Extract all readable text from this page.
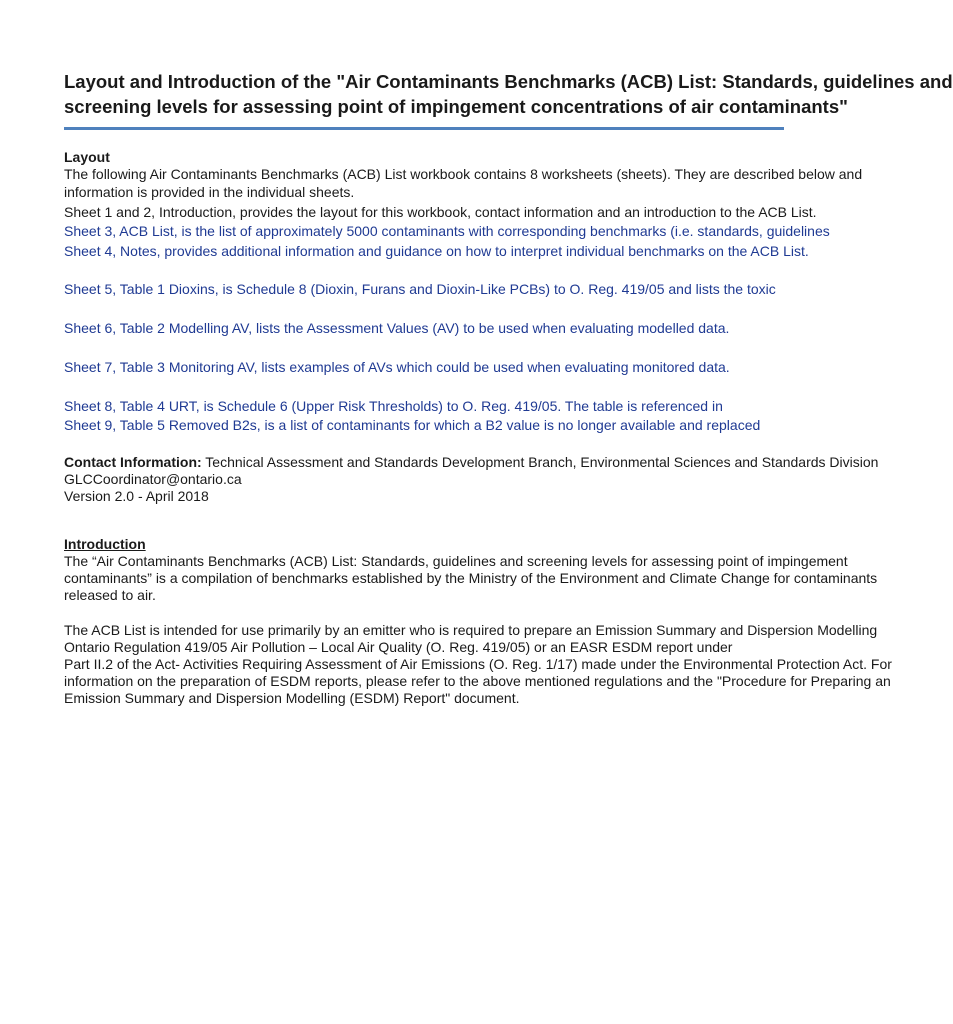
Layout and Introduction of the "Air Contaminants Benchmarks (ACB) List: Standards, guidelines and
screening levels for assessing point of impingement concentrations of air contaminants"
Layout
The following Air Contaminants Benchmarks (ACB) List workbook contains 8 worksheets (sheets). They are described below and
information is provided in the individual sheets.
Sheet 1 and 2, Introduction, provides the layout for this workbook, contact information and an introduction to the ACB List.
Sheet 3, ACB List, is the list of approximately 5000 contaminants with corresponding benchmarks (i.e. standards, guidelines
Sheet 4, Notes, provides additional information and guidance on how to interpret individual benchmarks on the ACB List.
Sheet 5, Table 1 Dioxins, is Schedule 8 (Dioxin, Furans and Dioxin-Like PCBs) to O. Reg. 419/05 and lists the toxic
Sheet 6, Table 2 Modelling AV, lists the Assessment Values (AV) to be used when evaluating modelled data.
Sheet 7, Table 3 Monitoring AV, lists examples of AVs which could be used when evaluating monitored data.
Sheet 8, Table 4 URT, is Schedule 6 (Upper Risk Thresholds) to O. Reg. 419/05. The table is referenced in
Sheet 9, Table 5 Removed B2s, is a list of contaminants for which a B2 value is no longer available and replaced
Contact Information: Technical Assessment and Standards Development Branch, Environmental Sciences and Standards Division
GLCCoordinator@ontario.ca
Version 2.0 - April 2018
Introduction
The “Air Contaminants Benchmarks (ACB) List: Standards, guidelines and screening levels for assessing point of impingement
contaminants” is a compilation of benchmarks established by the Ministry of the Environment and Climate Change for contaminants
released to air.
The ACB List is intended for use primarily by an emitter who is required to prepare an Emission Summary and Dispersion Modelling
Ontario Regulation 419/05 Air Pollution – Local Air Quality (O. Reg. 419/05) or an EASR ESDM report under
Part II.2 of the Act- Activities Requiring Assessment of Air Emissions (O. Reg. 1/17) made under the Environmental Protection Act. For
information on the preparation of ESDM reports, please refer to the above mentioned regulations and the "Procedure for Preparing an
Emission Summary and Dispersion Modelling (ESDM) Report" document.
